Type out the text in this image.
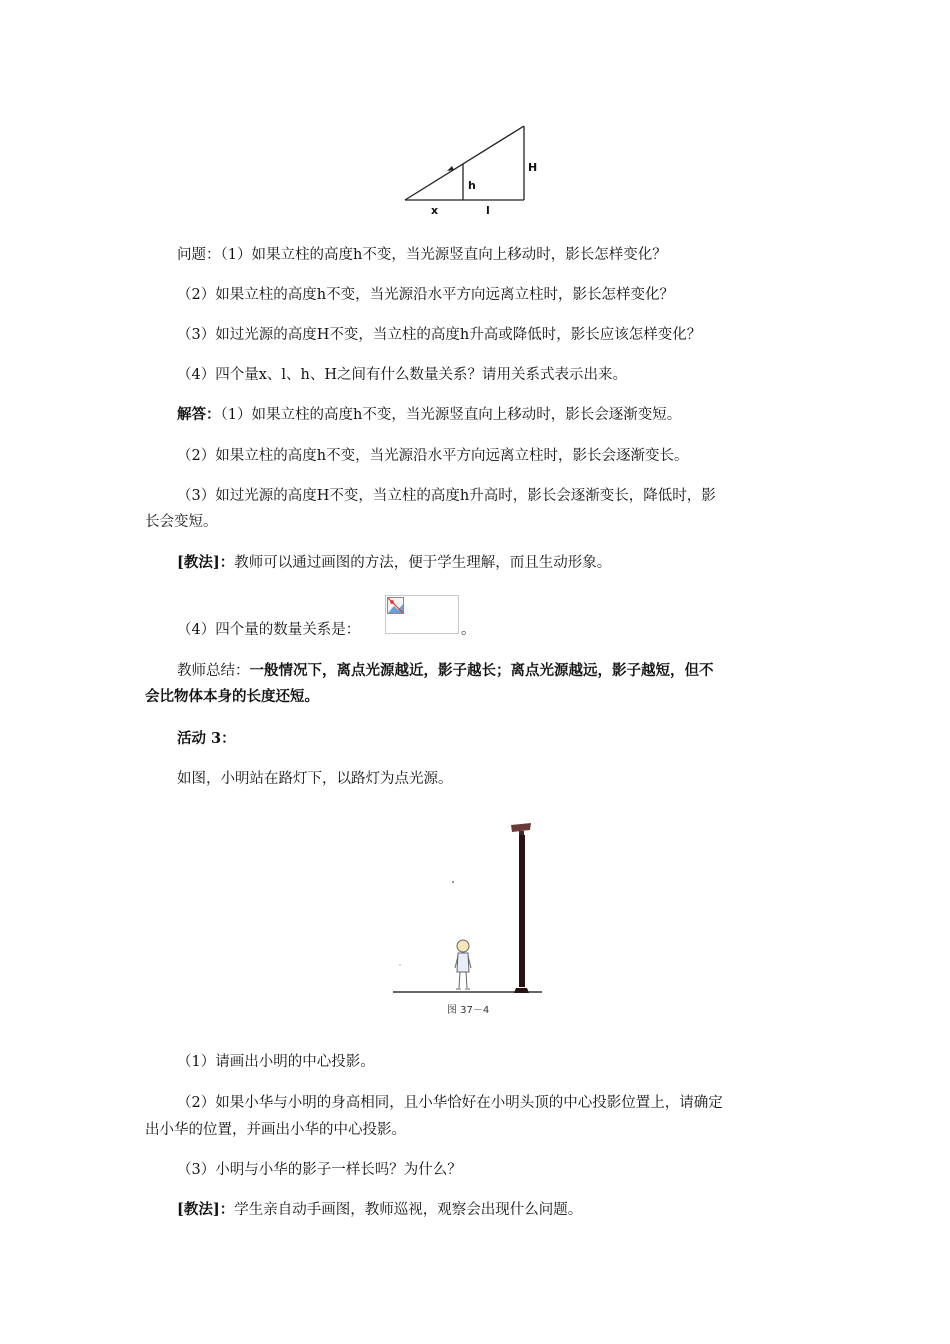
h
H
x	l
问题：（1）如果立柱的高度h不变，当光源竖直向上移动时，影长怎样变化？
（2）如果立柱的高度h不变，当光源沿水平方向远离立柱时，影长怎样变化？
（3）如过光源的高度H不变，当立柱的高度h升高或降低时，影长应该怎样变化？
（4）四个量x、l、h、H之间有什么数量关系？请用关系式表示出来。
解答：（1）如果立柱的高度h不变，当光源竖直向上移动时，影长会逐渐变短。
（2）如果立柱的高度h不变，当光源沿水平方向远离立柱时，影长会逐渐变长。
（3）如过光源的高度H不变，当立柱的高度h升高时，影长会逐渐变长，降低时，影
长会变短。
[教法]：教师可以通过画图的方法，便于学生理解，而且生动形象。
（4）四个量的数量关系是：	。
教师总结：一般情况下，离点光源越近，影子越长；离点光源越远，影子越短，但不
会比物体本身的长度还短。
活动 3：
如图，小明站在路灯下，以路灯为点光源。
图 37－4
（1）请画出小明的中心投影。
（2）如果小华与小明的身高相同，且小华恰好在小明头顶的中心投影位置上，请确定
出小华的位置，并画出小华的中心投影。
（3）小明与小华的影子一样长吗？为什么？
[教法]：学生亲自动手画图，教师巡视，观察会出现什么问题。
